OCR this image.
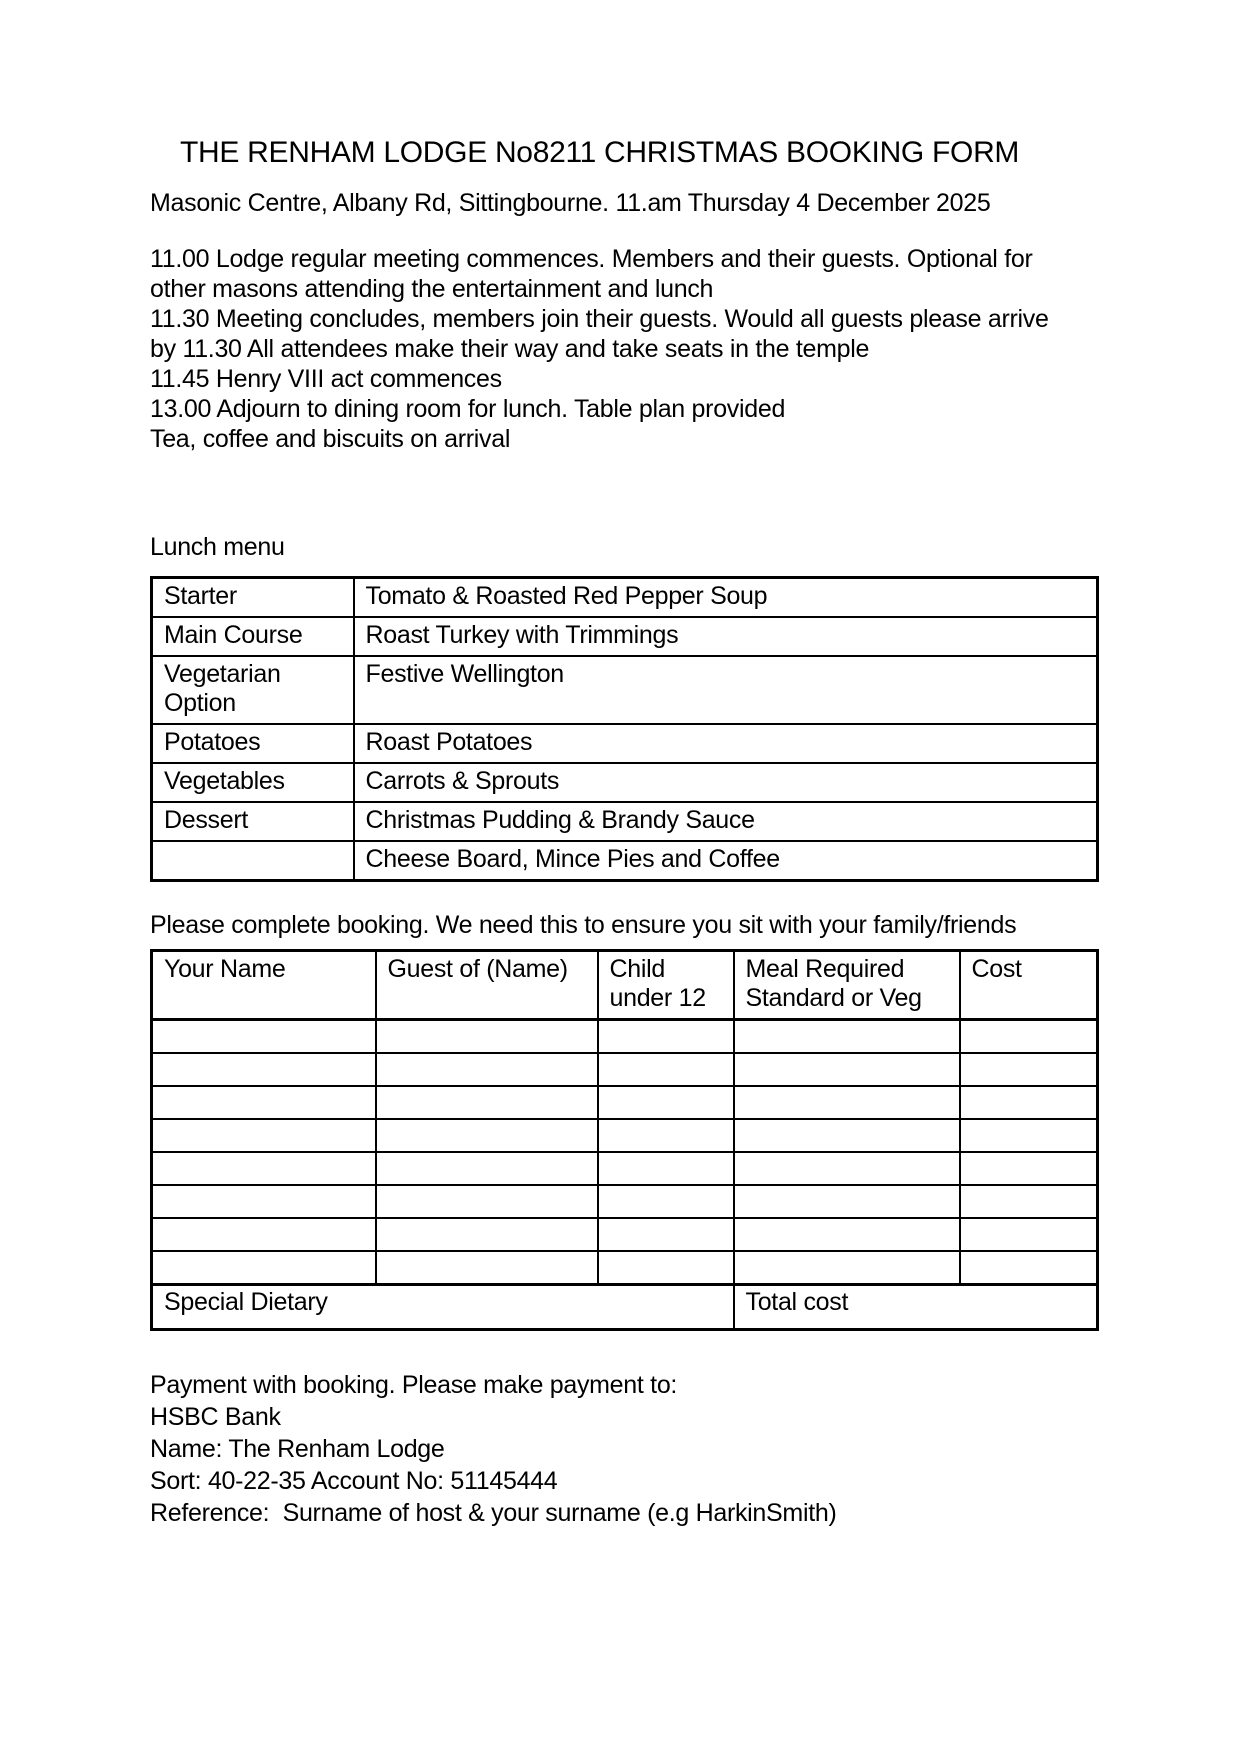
THE RENHAM LODGE No8211 CHRISTMAS BOOKING FORM
Masonic Centre, Albany Rd, Sittingbourne. 11.am Thursday 4 December 2025
11.00 Lodge regular meeting commences. Members and their guests. Optional for
other masons attending the entertainment and lunch
11.30 Meeting concludes, members join their guests. Would all guests please arrive
by 11.30 All attendees make their way and take seats in the temple
11.45 Henry VIII act commences
13.00 Adjourn to dining room for lunch. Table plan provided
Tea, coffee and biscuits on arrival
Lunch menu
Starter	Tomato & Roasted Red Pepper Soup
Main Course	Roast Turkey with Trimmings
Vegetarian Option	Festive Wellington
Potatoes	Roast Potatoes
Vegetables	Carrots & Sprouts
Dessert	Christmas Pudding & Brandy Sauce
	Cheese Board, Mince Pies and Coffee
Please complete booking. We need this to ensure you sit with your family/friends
Your Name	Guest of (Name)	Child under 12	Meal Required Standard or Veg	Cost

Special Dietary			Total cost	
Payment with booking. Please make payment to:
HSBC Bank
Name: The Renham Lodge
Sort: 40-22-35 Account No: 51145444
Reference:  Surname of host & your surname (e.g HarkinSmith)
